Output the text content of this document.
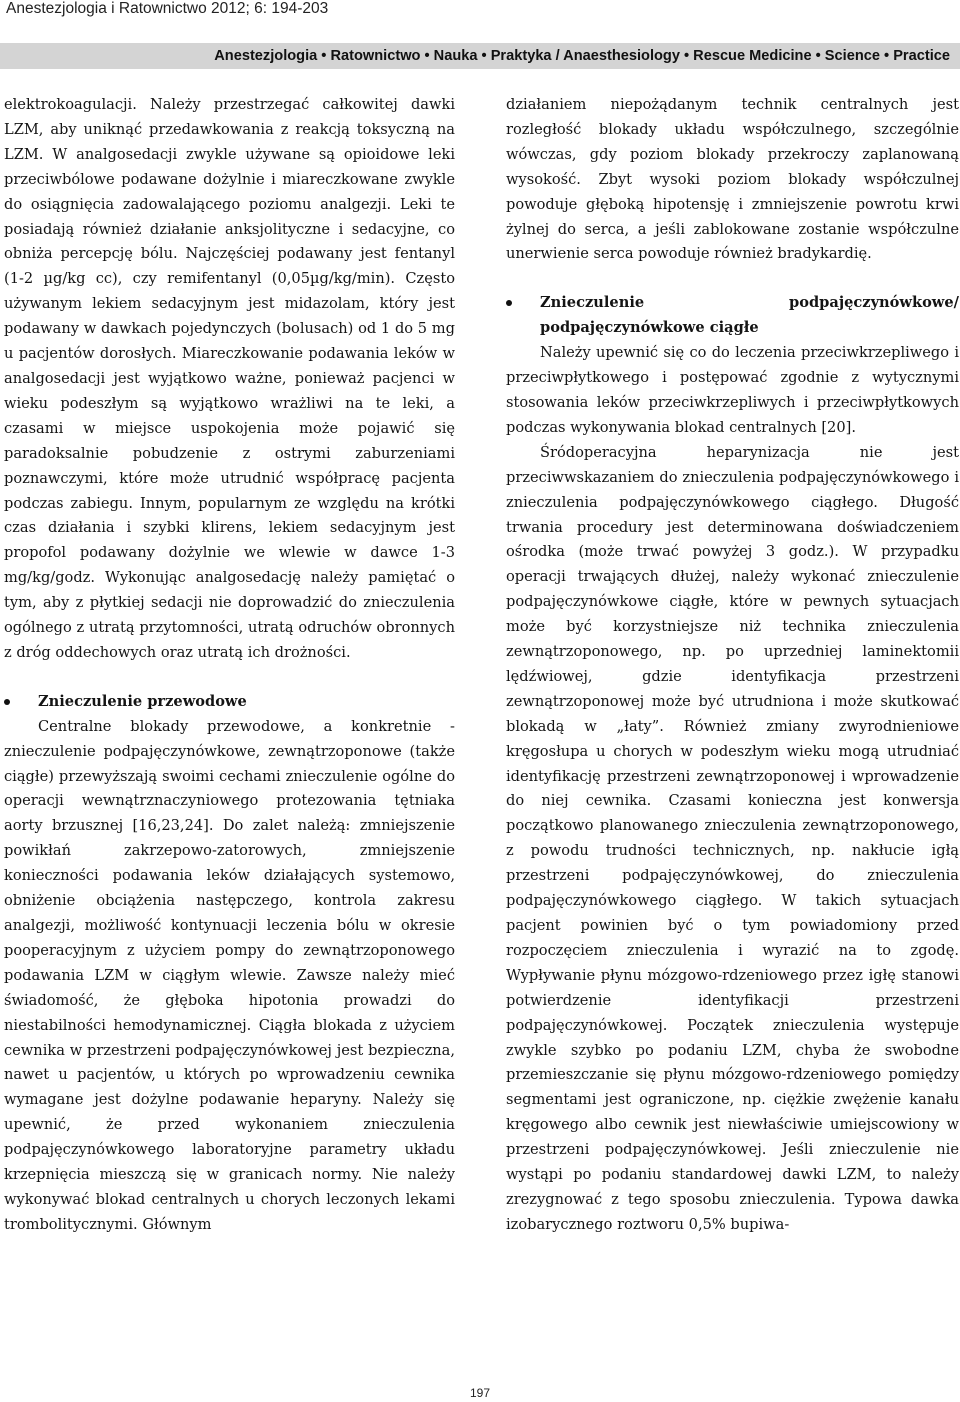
Anestezjologia i Ratownictwo 2012; 6: 194-203
Anestezjologia • Ratownictwo • Nauka • Praktyka / Anaesthesiology • Rescue Medicine • Science • Practice

elektrokoagulacji. Należy przestrzegać całkowitej dawki LZM, aby uniknąć przedawkowania z reakcją toksyczną na LZM. W analgosedacji zwykle używane są opioidowe leki przeciwbólowe podawane dożylnie i miareczkowane zwykle do osiągnięcia zadowalającego poziomu analgezji. Leki te posiadają również działanie anksjolityczne i sedacyjne, co obniża percepcję bólu. Najczęściej podawany jest fentanyl (1-2 µg/kg cc), czy remifentanyl (0,05µg/kg/min). Często używanym lekiem sedacyjnym jest midazolam, który jest podawany w dawkach pojedynczych (bolusach) od 1 do 5 mg u pacjentów dorosłych. Miareczkowanie podawania leków w analgosedacji jest wyjątkowo ważne, ponieważ pacjenci w wieku podeszłym są wyjątkowo wrażliwi na te leki, a czasami w miejsce uspokojenia może pojawić się paradoksalnie pobudzenie z ostrymi zaburzeniami poznawczymi, które może utrudnić współpracę pacjenta podczas zabiegu. Innym, popularnym ze względu na krótki czas działania i szybki klirens, lekiem sedacyjnym jest propofol podawany dożylnie we wlewie w dawce 1-3 mg/kg/godz. Wykonując analgosedację należy pamiętać o tym, aby z płytkiej sedacji nie doprowadzić do znieczulenia ogólnego z utratą przytomności, utratą odruchów obronnych z dróg oddechowych oraz utratą ich drożności.

Znieczulenie przewodowe

Centralne blokady przewodowe, a konkretnie - znieczulenie podpajęczynówkowe, zewnątrzoponowe (także ciągłe) przewyższają swoimi cechami znieczulenie ogólne do operacji wewnątrznaczyniowego protezowania tętniaka aorty brzusznej [16,23,24]. Do zalet należą: zmniejszenie powikłań zakrzepowo-zatorowych, zmniejszenie konieczności podawania leków działających systemowo, obniżenie obciążenia następczego, kontrola zakresu analgezji, możliwość kontynuacji leczenia bólu w okresie pooperacyjnym z użyciem pompy do zewnątrzoponowego podawania LZM w ciągłym wlewie. Zawsze należy mieć świadomość, że głęboka hipotonia prowadzi do niestabilności hemodynamicznej. Ciągła blokada z użyciem cewnika w przestrzeni podpajęczynówkowej jest bezpieczna, nawet u pacjentów, u których po wprowadzeniu cewnika wymagane jest dożylne podawanie heparyny. Należy się upewnić, że przed wykonaniem znieczulenia podpajęczynówkowego laboratoryjne parametry układu krzepnięcia mieszczą się w granicach normy. Nie należy wykonywać blokad centralnych u chorych leczonych lekami trombolitycznymi. Głównym

działaniem niepożądanym technik centralnych jest rozległość blokady układu współczulnego, szczególnie wówczas, gdy poziom blokady przekroczy zaplanowaną wysokość. Zbyt wysoki poziom blokady współczulnej powoduje głęboką hipotensję i zmniejszenie powrotu krwi żylnej do serca, a jeśli zablokowane zostanie współczulne unerwienie serca powoduje również bradykardię.

Znieczulenie podpajęczynówkowe/ podpajęczynówkowe ciągłe

Należy upewnić się co do leczenia przeciwkrzepliwego i przeciwpłytkowego i postępować zgodnie z wytycznymi stosowania leków przeciwkrzepliwych i przeciwpłytkowych podczas wykonywania blokad centralnych [20].

Śródoperacyjna heparynizacja nie jest przeciwwskazaniem do znieczulenia podpajęczynówkowego i znieczulenia podpajęczynówkowego ciągłego. Długość trwania procedury jest determinowana doświadczeniem ośrodka (może trwać powyżej 3 godz.). W przypadku operacji trwających dłużej, należy wykonać znieczulenie podpajęczynówkowe ciągłe, które w pewnych sytuacjach może być korzystniejsze niż technika znieczulenia zewnątrzoponowego, np. po uprzedniej laminektomii lędźwiowej, gdzie identyfikacja przestrzeni zewnątrzoponowej może być utrudniona i może skutkować blokadą w „łaty”. Również zmiany zwyrodnieniowe kręgosłupa u chorych w podeszłym wieku mogą utrudniać identyfikację przestrzeni zewnątrzoponowej i wprowadzenie do niej cewnika. Czasami konieczna jest konwersja początkowo planowanego znieczulenia zewnątrzoponowego, z powodu trudności technicznych, np. nakłucie igłą przestrzeni podpajęczynówkowej, do znieczulenia podpajęczynówkowego ciągłego. W takich sytuacjach pacjent powinien być o tym powiadomiony przed rozpoczęciem znieczulenia i wyrazić na to zgodę. Wypływanie płynu mózgowo-rdzeniowego przez igłę stanowi potwierdzenie identyfikacji przestrzeni podpajęczynówkowej. Początek znieczulenia występuje zwykle szybko po podaniu LZM, chyba że swobodne przemieszczanie się płynu mózgowo-rdzeniowego pomiędzy segmentami jest ograniczone, np. ciężkie zwężenie kanału kręgowego albo cewnik jest niewłaściwie umiejscowiony w przestrzeni podpajęczynówkowej. Jeśli znieczulenie nie wystąpi po podaniu standardowej dawki LZM, to należy zrezygnować z tego sposobu znieczulenia. Typowa dawka izobarycznego roztworu 0,5% bupiwa-

197
